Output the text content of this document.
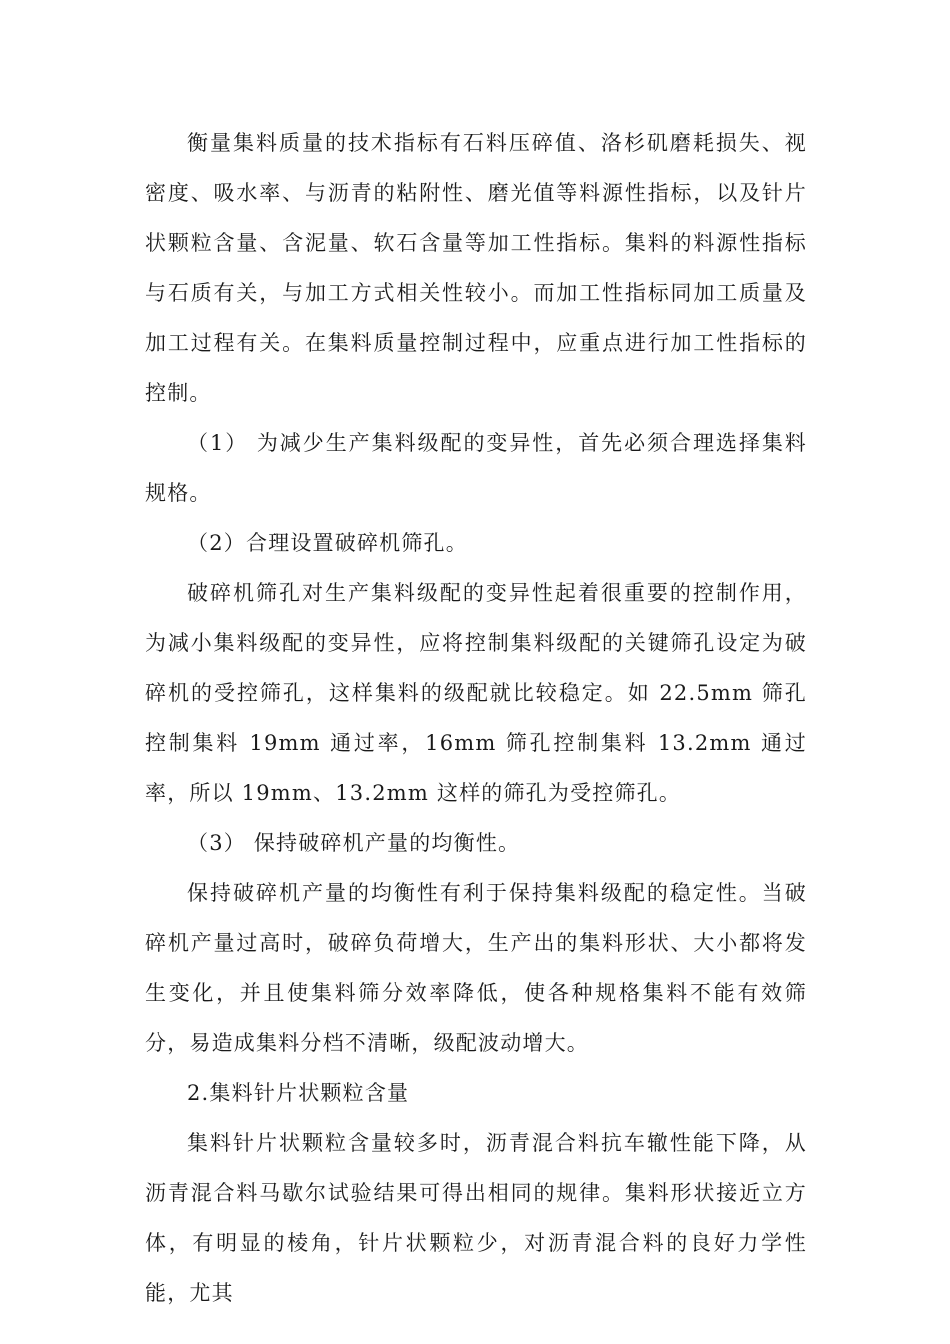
衡量集料质量的技术指标有石料压碎值、洛杉矶磨耗损失、视密度、吸水率、与沥青的粘附性、磨光值等料源性指标，以及针片状颗粒含量、含泥量、软石含量等加工性指标。集料的料源性指标与石质有关，与加工方式相关性较小。而加工性指标同加工质量及加工过程有关。在集料质量控制过程中，应重点进行加工性指标的控制。

（1） 为减少生产集料级配的变异性，首先必须合理选择集料规格。

（2）合理设置破碎机筛孔。

破碎机筛孔对生产集料级配的变异性起着很重要的控制作用，为减小集料级配的变异性，应将控制集料级配的关键筛孔设定为破碎机的受控筛孔，这样集料的级配就比较稳定。如 22.5mm 筛孔控制集料 19mm 通过率，16mm 筛孔控制集料 13.2mm 通过率，所以 19mm、13.2mm 这样的筛孔为受控筛孔。

（3） 保持破碎机产量的均衡性。

保持破碎机产量的均衡性有利于保持集料级配的稳定性。当破碎机产量过高时，破碎负荷增大，生产出的集料形状、大小都将发生变化，并且使集料筛分效率降低，使各种规格集料不能有效筛分，易造成集料分档不清晰，级配波动增大。

2.集料针片状颗粒含量

集料针片状颗粒含量较多时，沥青混合料抗车辙性能下降，从沥青混合料马歇尔试验结果可得出相同的规律。集料形状接近立方体，有明显的棱角，针片状颗粒少，对沥青混合料的良好力学性能，尤其
